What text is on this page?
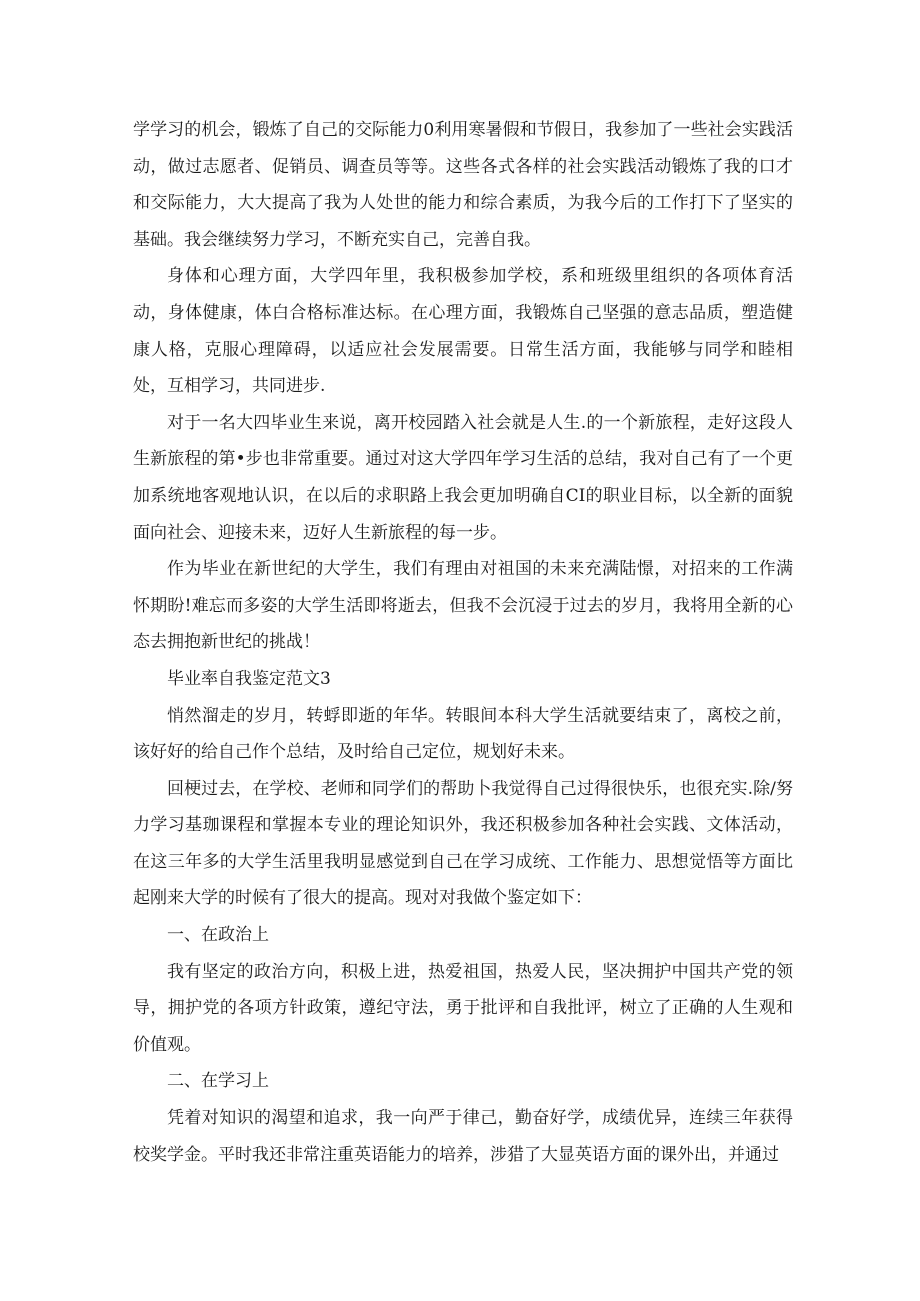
学学习的机会，锻炼了自己的交际能力0利用寒暑假和节假日，我参加了一些社会实践活动，做过志愿者、促销员、调查员等等。这些各式各样的社会实践活动锻炼了我的口才和交际能力，大大提高了我为人处世的能力和综合素质，为我今后的工作打下了坚实的基础。我会继续努力学习，不断充实自己，完善自我。

身体和心理方面，大学四年里，我积极参加学校，系和班级里组织的各项体育活动，身体健康，体白合格标准达标。在心理方面，我锻炼自己坚强的意志品质，塑造健康人格，克服心理障碍，以适应社会发展需要。日常生活方面，我能够与同学和睦相处，互相学习，共同进步.

对于一名大四毕业生来说，离开校园踏入社会就是人生.的一个新旅程，走好这段人生新旅程的第•步也非常重要。通过对这大学四年学习生活的总结，我对自己有了一个更加系统地客观地认识，在以后的求职路上我会更加明确自CI的职业目标，以全新的面貌面向社会、迎接未来，迈好人生新旅程的每一步。

作为毕业在新世纪的大学生，我们有理由对祖国的未来充满陆憬，对招来的工作满怀期盼!难忘而多姿的大学生活即将逝去，但我不会沉浸于过去的岁月，我将用全新的心态去拥抱新世纪的挑战！

毕业率自我鉴定范文3

悄然溜走的岁月，转蜉即逝的年华。转眼间本科大学生活就要结束了，离校之前，该好好的给自己作个总结，及时给自己定位，规划好未来。

回梗过去，在学校、老师和同学们的帮助卜我觉得自己过得很快乐，也很充实.除/努力学习基珈课程和掌握本专业的理论知识外，我还积极参加各种社会实践、文体活动，在这三年多的大学生活里我明显感觉到自己在学习成统、工作能力、思想觉悟等方面比起刚来大学的时候有了很大的提高。现对对我做个鉴定如下：

一、在政治上

我有坚定的政治方向，积极上进，热爱祖国，热爱人民，坚决拥护中国共产党的领导，拥护党的各项方针政策，遵纪守法，勇于批评和自我批评，树立了正确的人生观和价值观。

二、在学习上

凭着对知识的渴望和追求，我一向严于律己，勤奋好学，成绩优异，连续三年获得校奖学金。平时我还非常注重英语能力的培养，涉猎了大显英语方面的课外出，并通过
